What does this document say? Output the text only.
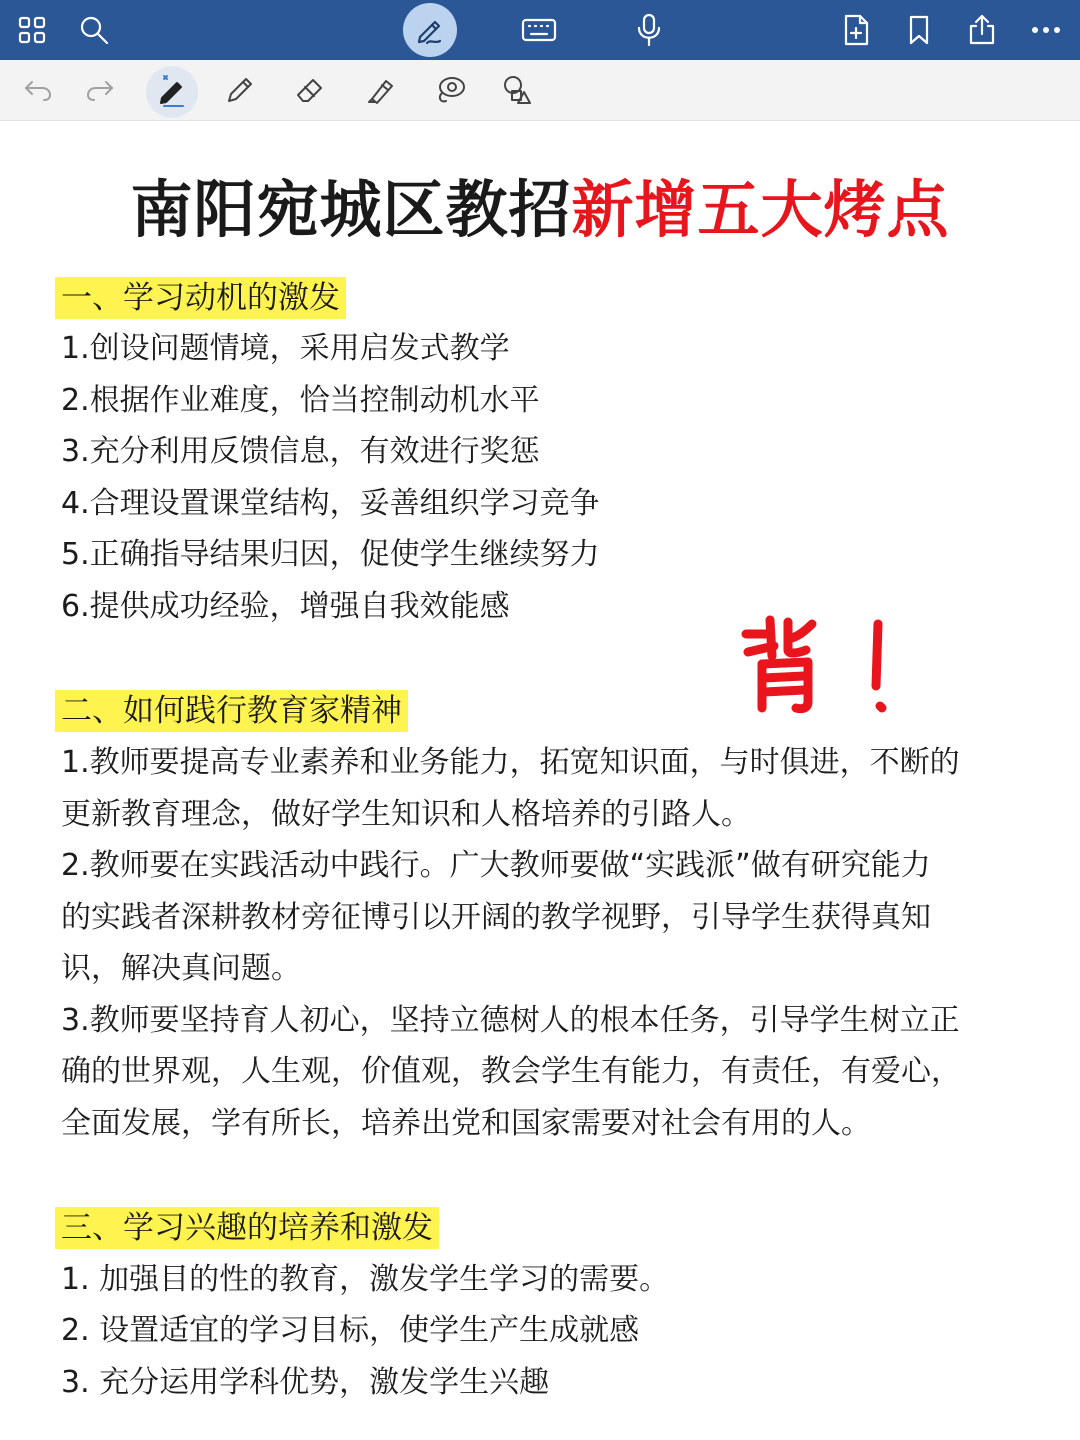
南阳宛城区教招新增五大烤点
一、学习动机的激发
1.创设问题情境，采用启发式教学
2.根据作业难度，恰当控制动机水平
3.充分利用反馈信息，有效进行奖惩
4.合理设置课堂结构，妥善组织学习竞争
5.正确指导结果归因，促使学生继续努力
6.提供成功经验，增强自我效能感
二、如何践行教育家精神
1.教师要提高专业素养和业务能力，拓宽知识面，与时俱进，不断的
更新教育理念，做好学生知识和人格培养的引路人。
2.教师要在实践活动中践行。广大教师要做“实践派”做有研究能力
的实践者深耕教材旁征博引以开阔的教学视野，引导学生获得真知
识，解决真问题。
3.教师要坚持育人初心，坚持立德树人的根本任务，引导学生树立正
确的世界观，人生观，价值观，教会学生有能力，有责任，有爱心，
全面发展，学有所长，培养出党和国家需要对社会有用的人。
三、学习兴趣的培养和激发
1. 加强目的性的教育，激发学生学习的需要。
2. 设置适宜的学习目标，使学生产生成就感
3. 充分运用学科优势，激发学生兴趣
